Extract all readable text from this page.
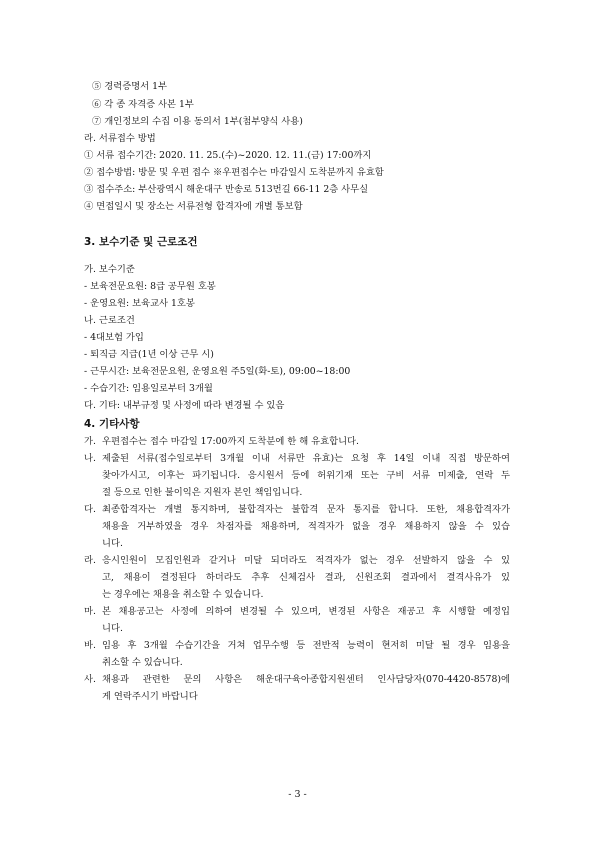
⑤ 경력증명서 1부
⑥ 각 종 자격증 사본 1부
⑦ 개인정보의 수집 이용 동의서 1부(첨부양식 사용)
라. 서류접수 방법
① 서류 접수기간: 2020. 11. 25.(수)~2020. 12. 11.(금) 17:00까지
② 접수방법: 방문 및 우편 접수 ※우편접수는 마감일시 도착분까지 유효함
③ 접수주소: 부산광역시 해운대구 반송로 513번길 66-11 2층 사무실
④ 면접일시 및 장소는 서류전형 합격자에 개별 통보함
3. 보수기준 및 근로조건
가. 보수기준
- 보육전문요원: 8급 공무원 호봉
- 운영요원: 보육교사 1호봉
나. 근로조건
- 4대보험 가입
- 퇴직금 지급(1년 이상 근무 시)
- 근무시간: 보육전문요원, 운영요원 주5일(화-토), 09:00~18:00
- 수습기간: 임용일로부터 3개월
다. 기타: 내부규정 및 사정에 따라 변경될 수 있음
4. 기타사항
가. 우편접수는 접수 마감일 17:00까지 도착분에 한 해 유효합니다.
나. 제출된 서류(접수일로부터 3개월 이내 서류만 유효)는 요청 후 14일 이내 직접 방문하여
찾아가시고, 이후는 파기됩니다. 응시원서 등에 허위기재 또는 구비 서류 미제출, 연락 두
절 등으로 인한 불이익은 지원자 본인 책임입니다.
다. 최종합격자는 개별 통지하며, 불합격자는 불합격 문자 통지를 합니다. 또한, 채용합격자가
채용을 거부하였을 경우 차점자를 채용하며, 적격자가 없을 경우 채용하지 않을 수 있습
니다.
라. 응시인원이 모집인원과 같거나 미달 되더라도 적격자가 없는 경우 선발하지 않을 수 있
고, 채용이 결정된다 하더라도 추후 신체검사 결과, 신원조회 결과에서 결격사유가 있
는 경우에는 채용을 취소할 수 있습니다.
마. 본 채용공고는 사정에 의하여 변경될 수 있으며, 변경된 사항은 재공고 후 시행할 예정입
니다.
바. 임용 후 3개월 수습기간을 거쳐 업무수행 등 전반적 능력이 현저히 미달 될 경우 임용을
취소할 수 있습니다.
사. 채용과 관련한 문의 사항은 해운대구육아종합지원센터 인사담당자(070-4420-8578)에
게 연락주시기 바랍니다
- 3 -
